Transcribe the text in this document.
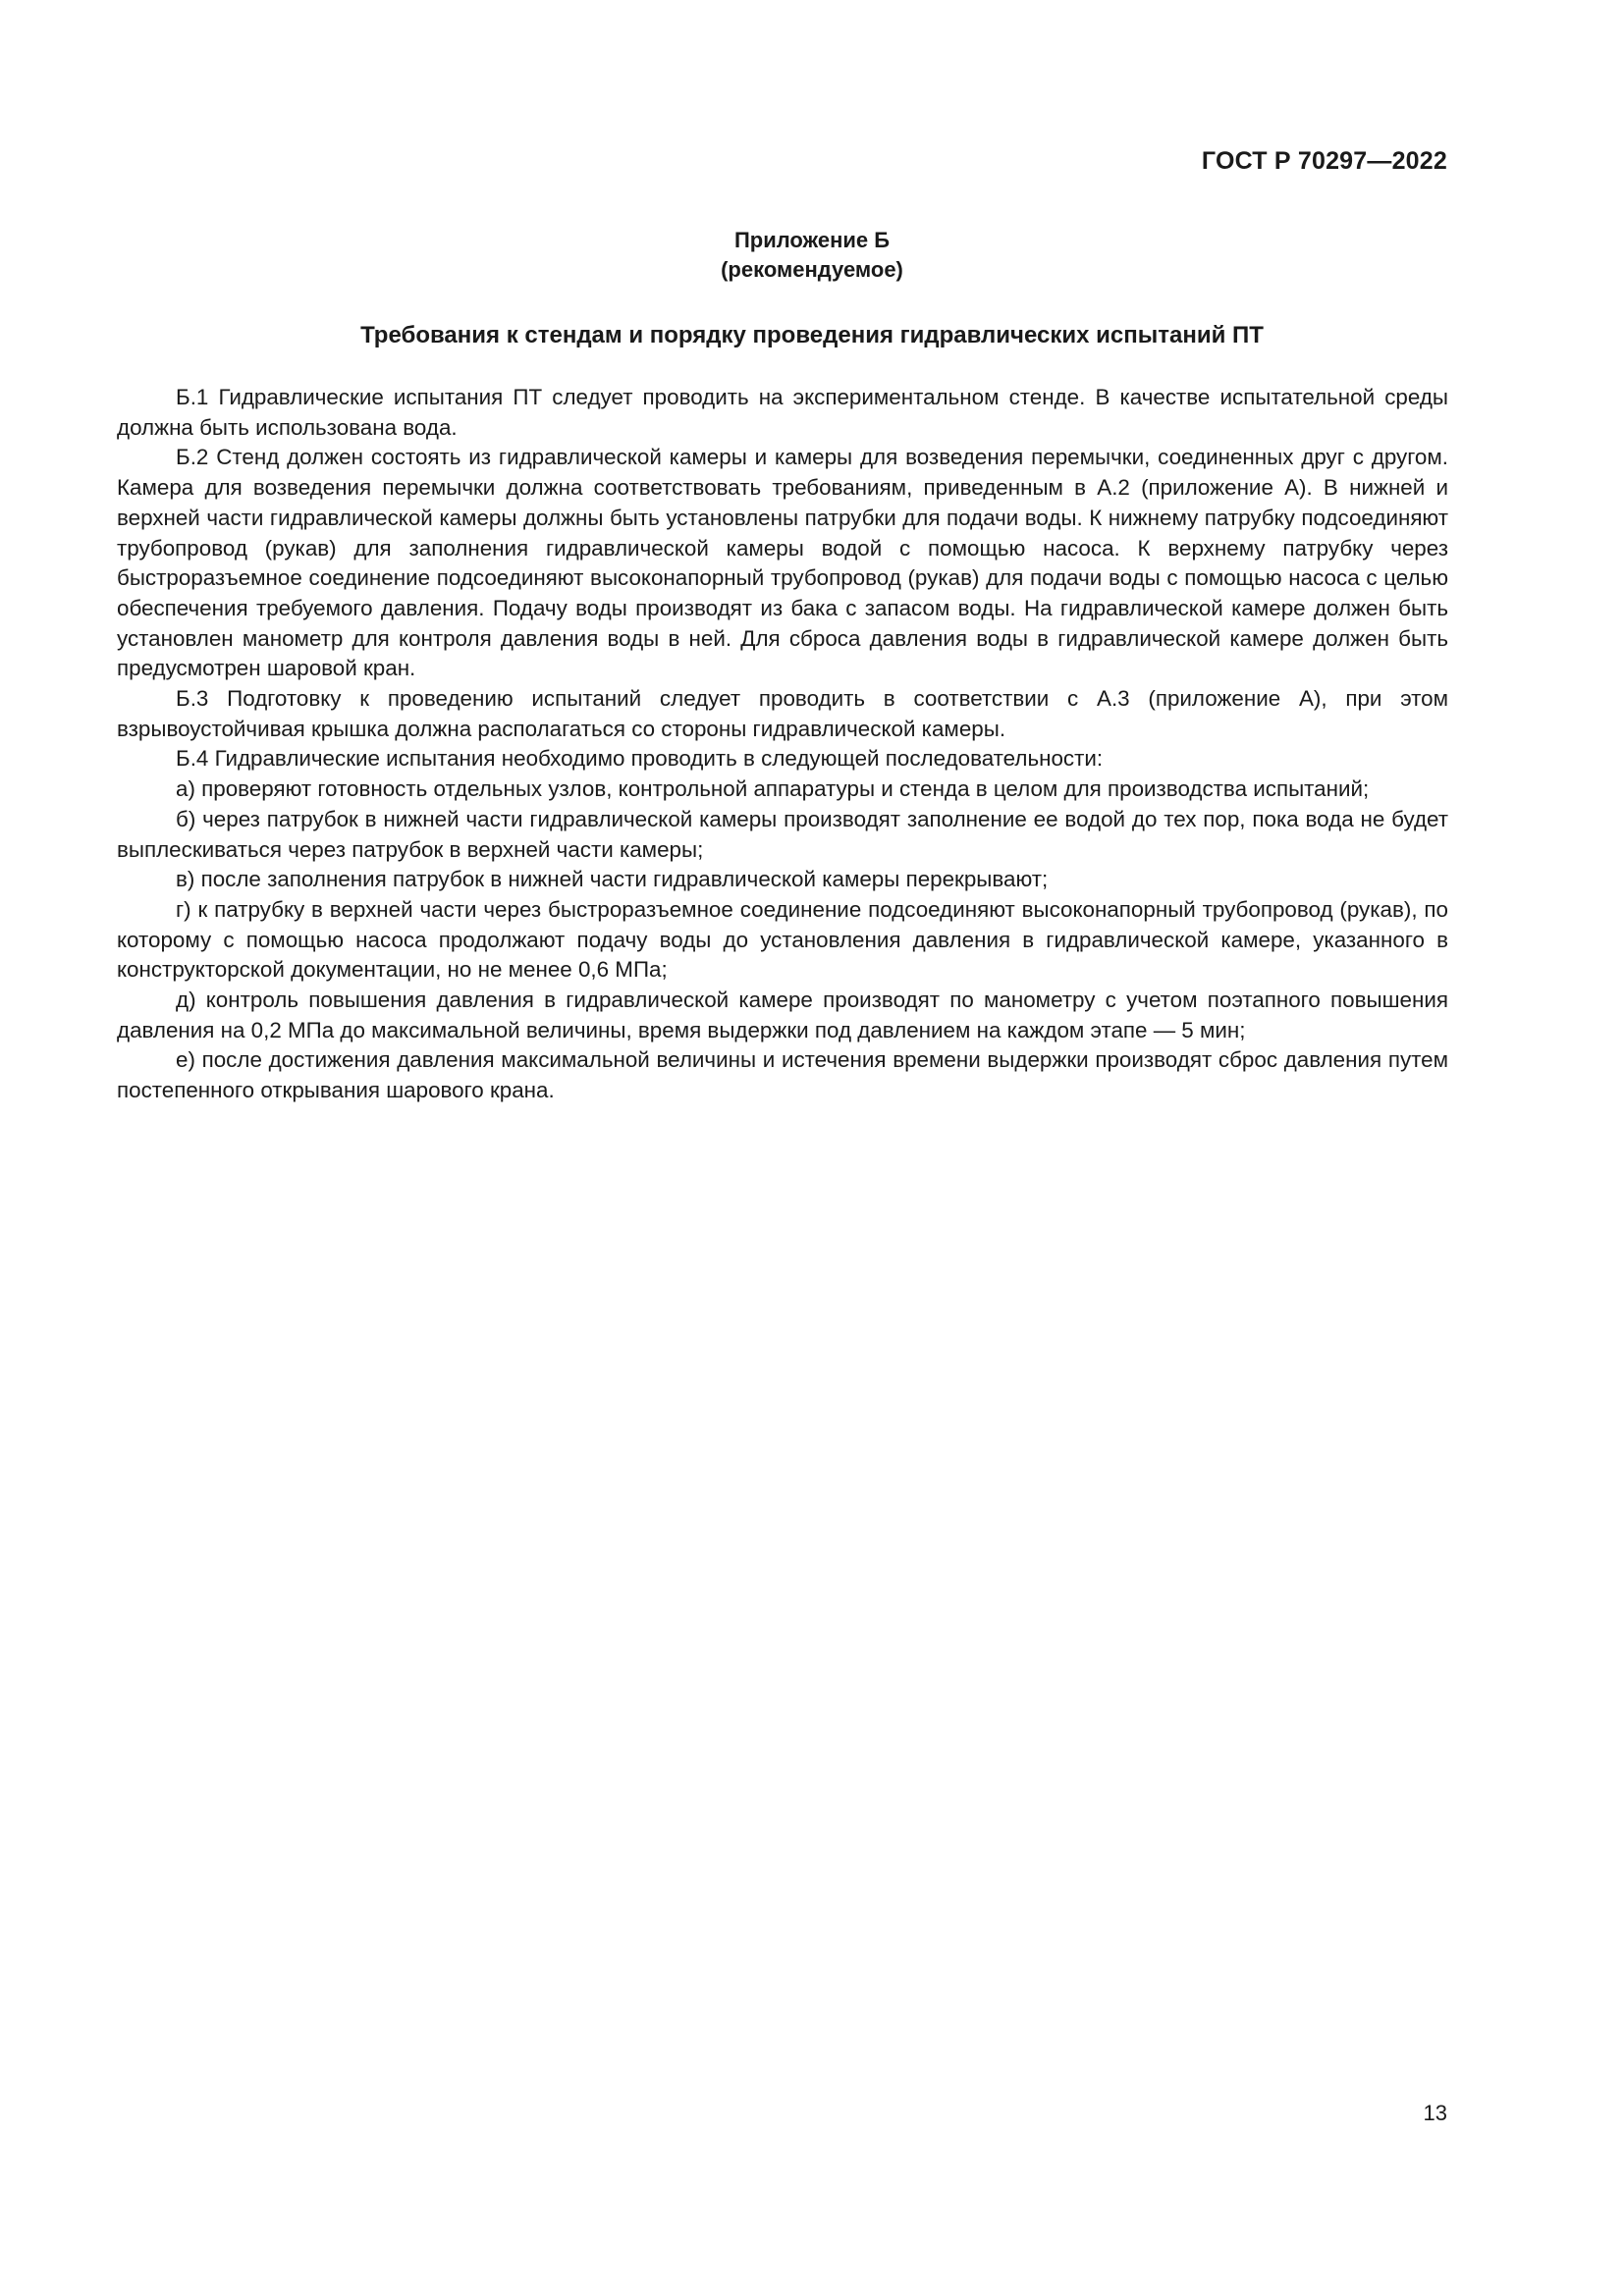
ГОСТ Р 70297—2022
Приложение Б
(рекомендуемое)
Требования к стендам и порядку проведения гидравлических испытаний ПТ

Б.1 Гидравлические испытания ПТ следует проводить на экспериментальном стенде. В качестве испытательной среды должна быть использована вода.

Б.2 Стенд должен состоять из гидравлической камеры и камеры для возведения перемычки, соединенных друг с другом. Камера для возведения перемычки должна соответствовать требованиям, приведенным в А.2 (приложение А). В нижней и верхней части гидравлической камеры должны быть установлены патрубки для подачи воды. К нижнему патрубку подсоединяют трубопровод (рукав) для заполнения гидравлической камеры водой с помощью насоса. К верхнему патрубку через быстроразъемное соединение подсоединяют высоконапорный трубопровод (рукав) для подачи воды с помощью насоса с целью обеспечения требуемого давления. Подачу воды производят из бака с запасом воды. На гидравлической камере должен быть установлен манометр для контроля давления воды в ней. Для сброса давления воды в гидравлической камере должен быть предусмотрен шаровой кран.

Б.3 Подготовку к проведению испытаний следует проводить в соответствии с А.3 (приложение А), при этом взрывоустойчивая крышка должна располагаться со стороны гидравлической камеры.

Б.4 Гидравлические испытания необходимо проводить в следующей последовательности:

а) проверяют готовность отдельных узлов, контрольной аппаратуры и стенда в целом для производства испытаний;

б) через патрубок в нижней части гидравлической камеры производят заполнение ее водой до тех пор, пока вода не будет выплескиваться через патрубок в верхней части камеры;

в) после заполнения патрубок в нижней части гидравлической камеры перекрывают;

г) к патрубку в верхней части через быстроразъемное соединение подсоединяют высоконапорный трубопровод (рукав), по которому с помощью насоса продолжают подачу воды до установления давления в гидравлической камере, указанного в конструкторской документации, но не менее 0,6 МПа;

д) контроль повышения давления в гидравлической камере производят по манометру с учетом поэтапного повышения давления на 0,2 МПа до максимальной величины, время выдержки под давлением на каждом этапе — 5 мин;

е) после достижения давления максимальной величины и истечения времени выдержки производят сброс давления путем постепенного открывания шарового крана.

13
